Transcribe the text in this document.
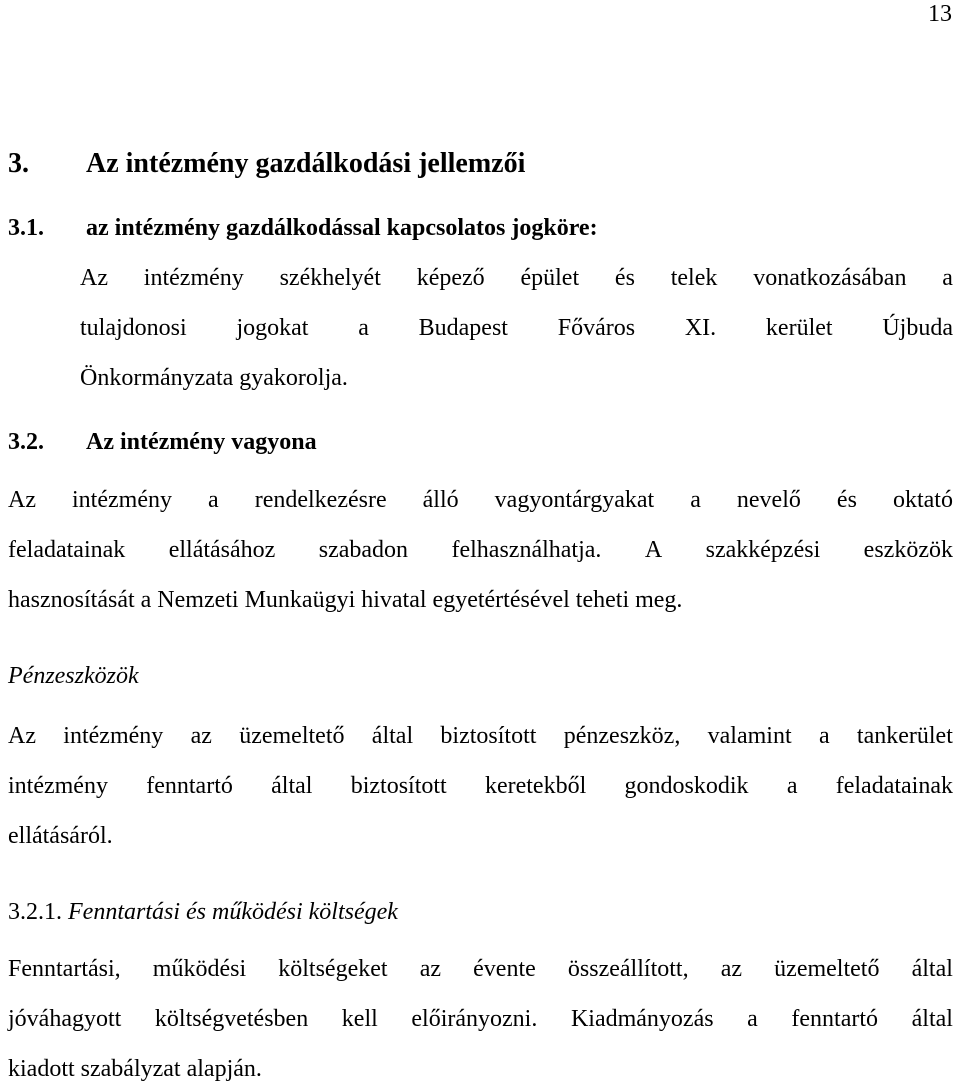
13
3. Az intézmény gazdálkodási jellemzői
3.1. az intézmény gazdálkodással kapcsolatos jogköre:
Az intézmény székhelyét képező épület és telek vonatkozásában a
tulajdonosi jogokat a Budapest Főváros XI. kerület Újbuda
Önkormányzata gyakorolja.
3.2. Az intézmény vagyona
Az intézmény a rendelkezésre álló vagyontárgyakat a nevelő és oktató
feladatainak ellátásához szabadon felhasználhatja. A szakképzési eszközök
hasznosítását a Nemzeti Munkaügyi hivatal egyetértésével teheti meg.
Pénzeszközök
Az intézmény az üzemeltető által biztosított pénzeszköz, valamint a tankerület
intézmény fenntartó által biztosított keretekből gondoskodik a feladatainak
ellátásáról.
3.2.1. Fenntartási és működési költségek
Fenntartási, működési költségeket az évente összeállított, az üzemeltető által
jóváhagyott költségvetésben kell előirányozni. Kiadmányozás a fenntartó által
kiadott szabályzat alapján.
